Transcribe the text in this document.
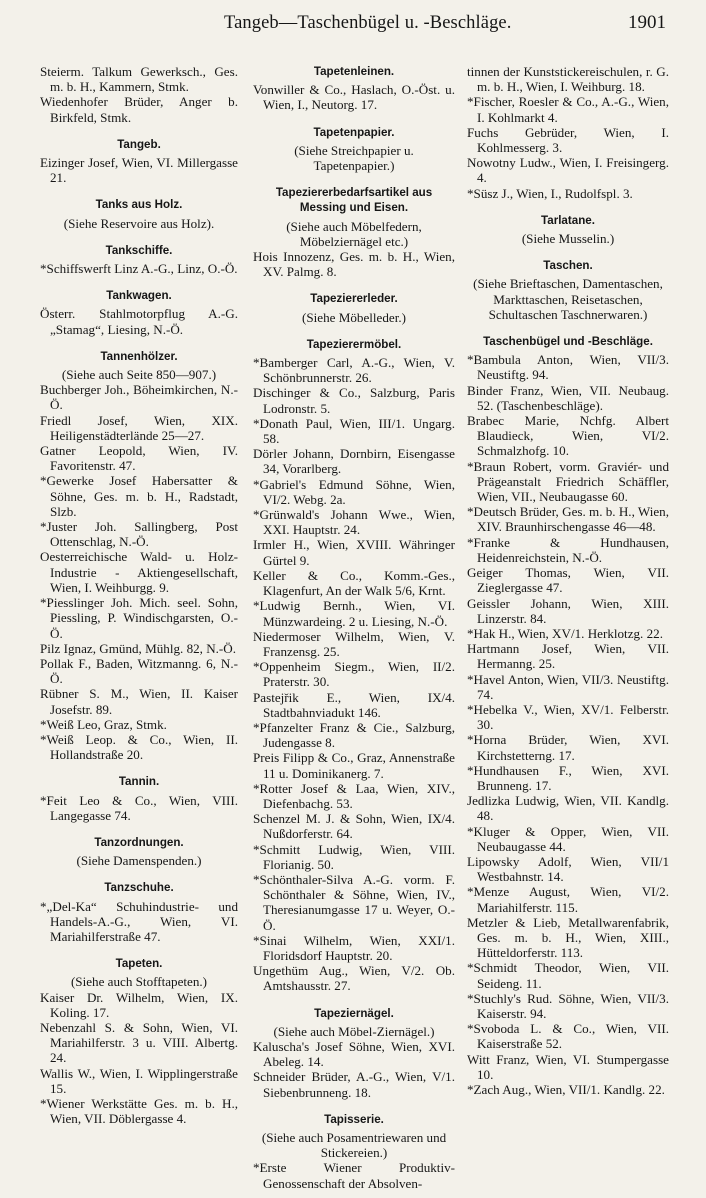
Tangeb—Taschenbügel u. -Beschläge.	1901
Steierm. Talkum Gewerksch., Ges. m. b. H., Kammern, Stmk.
Wiedenhofer Brüder, Anger b. Birkfeld, Stmk.
Tangeb.
Eizinger Josef, Wien, VI. Millergasse 21.
Tanks aus Holz.
(Siehe Reservoire aus Holz).
Tankschiffe.
*Schiffswerft Linz A.-G., Linz, O.-Ö.
Tankwagen.
Österr. Stahlmotorpflug A.-G. „Stamag“, Liesing, N.-Ö.
Tannenhölzer.
(Siehe auch Seite 850—907.)
Buchberger Joh., Böheimkirchen, N.-Ö.
Friedl Josef, Wien, XIX. Heiligenstädterlände 25—27.
Gatner Leopold, Wien, IV. Favoritenstr. 47.
*Gewerke Josef Habersatter & Söhne, Ges. m. b. H., Radstadt, Slzb.
*Juster Joh. Sallingberg, Post Ottenschlag, N.-Ö.
Oesterreichische Wald- u. Holz-Industrie - Aktiengesellschaft, Wien, I. Weihburgg. 9.
*Piesslinger Joh. Mich. seel. Sohn, Piessling, P. Windischgarsten, O.-Ö.
Pilz Ignaz, Gmünd, Mühlg. 82, N.-Ö.
Pollak F., Baden, Witzmanng. 6, N.-Ö.
Rübner S. M., Wien, II. Kaiser Josefstr. 89.
*Weiß Leo, Graz, Stmk.
*Weiß Leop. & Co., Wien, II. Hollandstraße 20.
Tannin.
*Feit Leo & Co., Wien, VIII. Langegasse 74.
Tanzordnungen.
(Siehe Damenspenden.)
Tanzschuhe.
*„Del-Ka“ Schuhindustrie- und Handels-A.-G., Wien, VI. Mariahilferstraße 47.
Tapeten.
(Siehe auch Stofftapeten.)
Kaiser Dr. Wilhelm, Wien, IX. Koling. 17.
Nebenzahl S. & Sohn, Wien, VI. Mariahilferstr. 3 u. VIII. Albertg. 24.
Wallis W., Wien, I. Wipplingerstraße 15.
*Wiener Werkstätte Ges. m. b. H., Wien, VII. Döblergasse 4.
Tapetenleinen.
Vonwiller & Co., Haslach, O.-Öst. u. Wien, I., Neutorg. 17.
Tapetenpapier.
(Siehe Streichpapier u. Tapetenpapier.)
Tapeziererbedarfsartikel aus Messing und Eisen.
(Siehe auch Möbelfedern, Möbelziernägel etc.)
Hois Innozenz, Ges. m. b. H., Wien, XV. Palmg. 8.
Tapeziererleder.
(Siehe Möbelleder.)
Tapezierermöbel.
*Bamberger Carl, A.-G., Wien, V. Schönbrunnerstr. 26.
Dischinger & Co., Salzburg, Paris Lodronstr. 5.
*Donath Paul, Wien, III/1. Ungarg. 58.
Dörler Johann, Dornbirn, Eisengasse 34, Vorarlberg.
*Gabriel's Edmund Söhne, Wien, VI/2. Webg. 2a.
*Grünwald's Johann Wwe., Wien, XXI. Hauptstr. 24.
Irmler H., Wien, XVIII. Währinger Gürtel 9.
Keller & Co., Komm.-Ges., Klagenfurt, An der Walk 5/6, Krnt.
*Ludwig Bernh., Wien, VI. Münzwardeing. 2 u. Liesing, N.-Ö.
Niedermoser Wilhelm, Wien, V. Franzensg. 25.
*Oppenheim Siegm., Wien, II/2. Praterstr. 30.
Pastejřik E., Wien, IX/4. Stadtbahnviadukt 146.
*Pfanzelter Franz & Cie., Salzburg, Judengasse 8.
Preis Filipp & Co., Graz, Annenstraße 11 u. Dominikanerg. 7.
*Rotter Josef & Laa, Wien, XIV., Diefenbachg. 53.
Schenzel M. J. & Sohn, Wien, IX/4. Nußdorferstr. 64.
*Schmitt Ludwig, Wien, VIII. Florianig. 50.
*Schönthaler-Silva A.-G. vorm. F. Schönthaler & Söhne, Wien, IV., Theresianumgasse 17 u. Weyer, O.-Ö.
*Sinai Wilhelm, Wien, XXI/1. Floridsdorf Hauptstr. 20.
Ungethüm Aug., Wien, V/2. Ob. Amtshausstr. 27.
Tapeziernägel.
(Siehe auch Möbel-Ziernägel.)
Kaluscha's Josef Söhne, Wien, XVI. Abeleg. 14.
Schneider Brüder, A.-G., Wien, V/1. Siebenbrunneng. 18.
Tapisserie.
(Siehe auch Posamentriewaren und Stickereien.)
*Erste Wiener Produktiv-Genossenschaft der Absolven-
tinnen der Kunststickereischulen, r. G. m. b. H., Wien, I. Weihburg. 18.
*Fischer, Roesler & Co., A.-G., Wien, I. Kohlmarkt 4.
Fuchs Gebrüder, Wien, I. Kohlmesserg. 3.
Nowotny Ludw., Wien, I. Freisingerg. 4.
*Süsz J., Wien, I., Rudolfspl. 3.
Tarlatane.
(Siehe Musselin.)
Taschen.
(Siehe Brieftaschen, Damentaschen, Markttaschen, Reisetaschen, Schultaschen Taschnerwaren.)
Taschenbügel und -Beschläge.
*Bambula Anton, Wien, VII/3. Neustiftg. 94.
Binder Franz, Wien, VII. Neubaug. 52. (Taschenbeschläge).
Brabec Marie, Nchfg. Albert Blaudieck, Wien, VI/2. Schmalzhofg. 10.
*Braun Robert, vorm. Graviér- und Prägeanstalt Friedrich Schäffler, Wien, VII., Neubaugasse 60.
*Deutsch Brüder, Ges. m. b. H., Wien, XIV. Braunhirschengasse 46—48.
*Franke & Hundhausen, Heidenreichstein, N.-Ö.
Geiger Thomas, Wien, VII. Zieglergasse 47.
Geissler Johann, Wien, XIII. Linzerstr. 84.
*Hak H., Wien, XV/1. Herklotzg. 22.
Hartmann Josef, Wien, VII. Hermanng. 25.
*Havel Anton, Wien, VII/3. Neustiftg. 74.
*Hebelka V., Wien, XV/1. Felberstr. 30.
*Horna Brüder, Wien, XVI. Kirchstetterng. 17.
*Hundhausen F., Wien, XVI. Brunneng. 17.
Jedlizka Ludwig, Wien, VII. Kandlg. 48.
*Kluger & Opper, Wien, VII. Neubaugasse 44.
Lipowsky Adolf, Wien, VII/1 Westbahnstr. 14.
*Menze August, Wien, VI/2. Mariahilferstr. 115.
Metzler & Lieb, Metallwarenfabrik, Ges. m. b. H., Wien, XIII., Hütteldorferstr. 113.
*Schmidt Theodor, Wien, VII. Seideng. 11.
*Stuchly's Rud. Söhne, Wien, VII/3. Kaiserstr. 94.
*Svoboda L. & Co., Wien, VII. Kaiserstraße 52.
Witt Franz, Wien, VI. Stumpergasse 10.
*Zach Aug., Wien, VII/1. Kandlg. 22.
